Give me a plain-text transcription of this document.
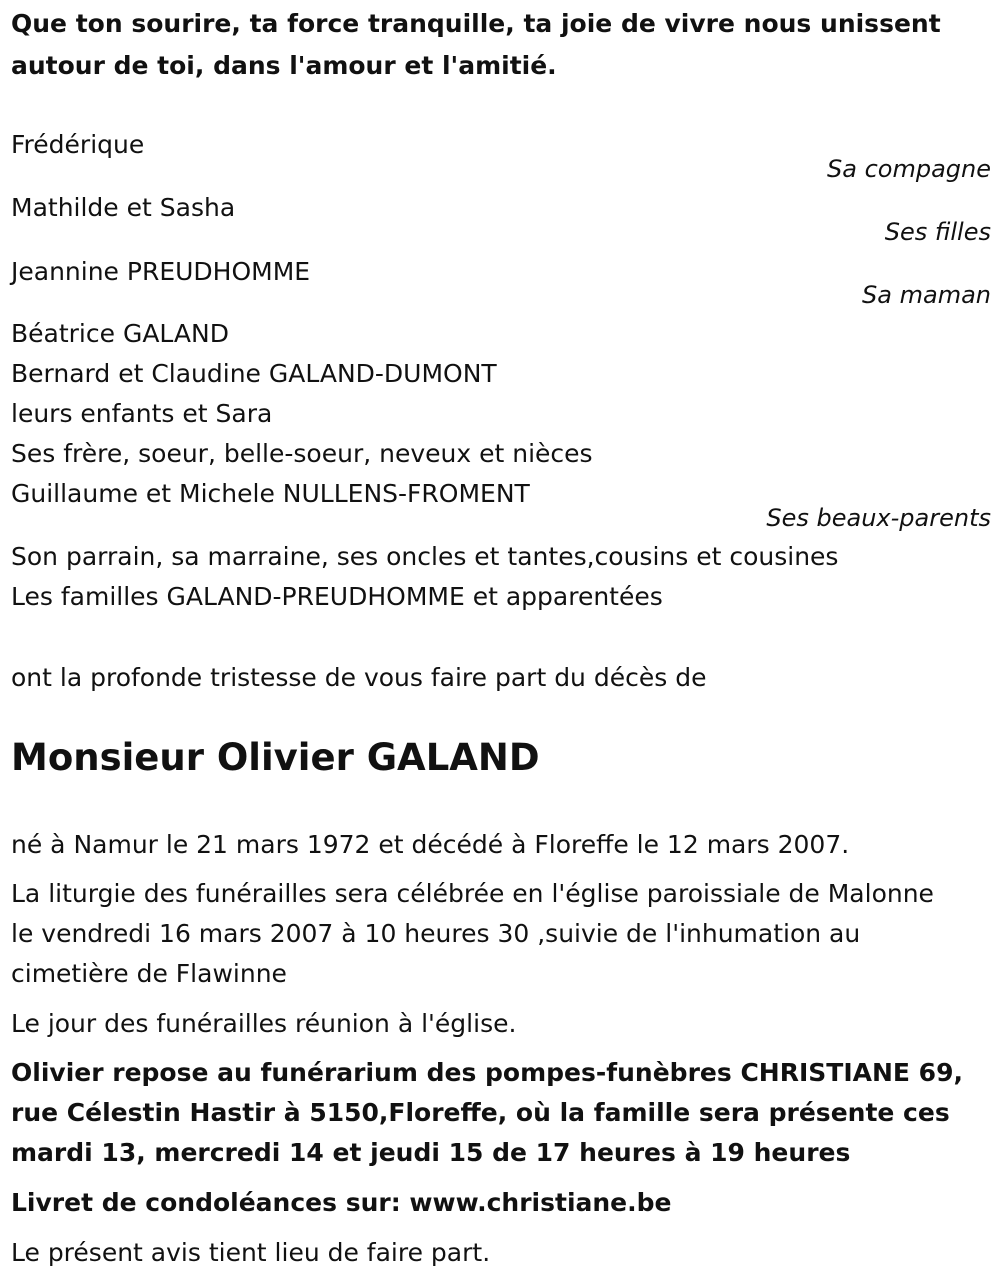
Que ton sourire, ta force tranquille, ta joie de vivre nous unissent
autour de toi, dans l'amour et l'amitié.
Frédérique
Sa compagne
Mathilde et Sasha
Ses filles
Jeannine PREUDHOMME
Sa maman
Béatrice GALAND
Bernard et Claudine GALAND-DUMONT
leurs enfants et Sara
Ses frère, soeur, belle-soeur, neveux et nièces
Guillaume et Michele NULLENS-FROMENT
Ses beaux-parents
Son parrain, sa marraine, ses oncles et tantes,cousins et cousines
Les familles GALAND-PREUDHOMME et apparentées
ont la profonde tristesse de vous faire part du décès de
Monsieur Olivier GALAND
né à Namur le 21 mars 1972 et décédé à Floreffe le 12 mars 2007.
La liturgie des funérailles sera célébrée en l'église paroissiale de Malonne
le vendredi 16 mars 2007 à 10 heures 30 ,suivie de l'inhumation au
cimetière de Flawinne
Le jour des funérailles réunion à l'église.
Olivier repose au funérarium des pompes-funèbres CHRISTIANE 69,
rue Célestin Hastir à 5150,Floreffe, où la famille sera présente ces
mardi 13, mercredi 14 et jeudi 15 de 17 heures à 19 heures
Livret de condoléances sur: www.christiane.be
Le présent avis tient lieu de faire part.
